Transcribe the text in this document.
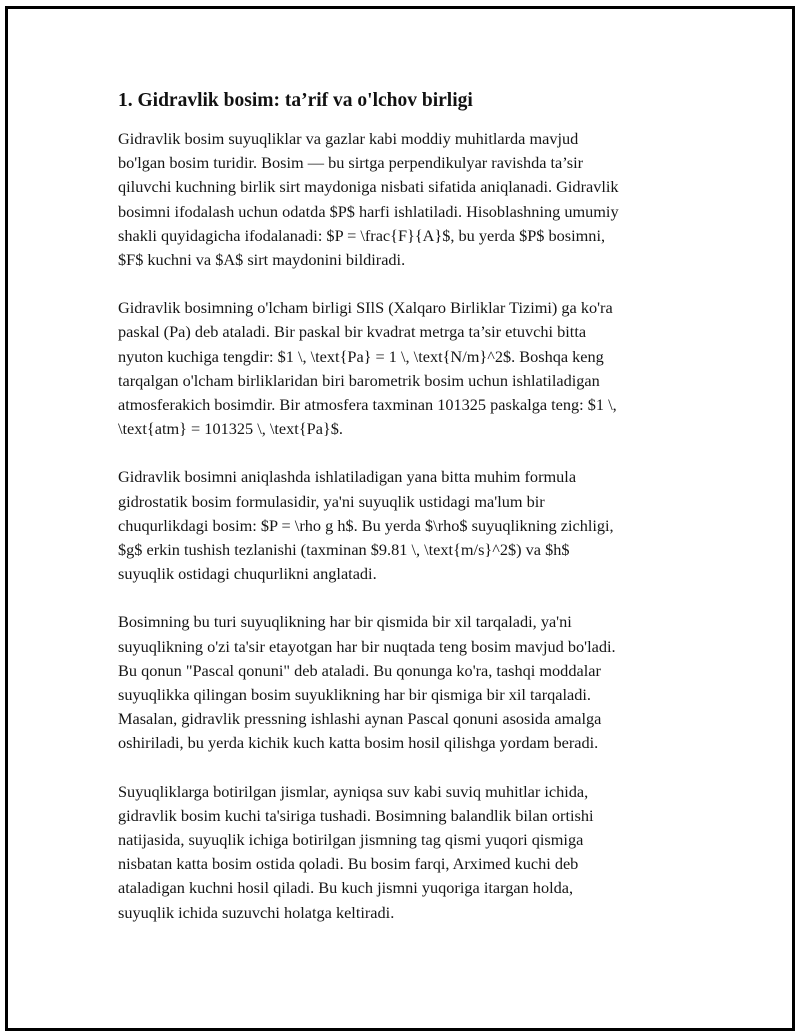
1. Gidravlik bosim: ta’rif va o'lchov birligi

Gidravlik bosim suyuqliklar va gazlar kabi moddiy muhitlarda mavjud
bo'lgan bosim turidir. Bosim — bu sirtga perpendikulyar ravishda ta’sir
qiluvchi kuchning birlik sirt maydoniga nisbati sifatida aniqlanadi. Gidravlik
bosimni ifodalash uchun odatda $P$ harfi ishlatiladi. Hisoblashning umumiy
shakli quyidagicha ifodalanadi: $P = \frac{F}{A}$, bu yerda $P$ bosimni,
$F$ kuchni va $A$ sirt maydonini bildiradi.

Gidravlik bosimning o'lcham birligi SIlS (Xalqaro Birliklar Tizimi) ga ko'ra
paskal (Pa) deb ataladi. Bir paskal bir kvadrat metrga ta’sir etuvchi bitta
nyuton kuchiga tengdir: $1 \, \text{Pa} = 1 \, \text{N/m}^2$. Boshqa keng
tarqalgan o'lcham birliklaridan biri barometrik bosim uchun ishlatiladigan
atmosferakich bosimdir. Bir atmosfera taxminan 101325 paskalga teng: $1 \,
\text{atm} = 101325 \, \text{Pa}$.

Gidravlik bosimni aniqlashda ishlatiladigan yana bitta muhim formula
gidrostatik bosim formulasidir, ya'ni suyuqlik ustidagi ma'lum bir
chuqurlikdagi bosim: $P = \rho g h$. Bu yerda $\rho$ suyuqlikning zichligi,
$g$ erkin tushish tezlanishi (taxminan $9.81 \, \text{m/s}^2$) va $h$
suyuqlik ostidagi chuqurlikni anglatadi.

Bosimning bu turi suyuqlikning har bir qismida bir xil tarqaladi, ya'ni
suyuqlikning o'zi ta'sir etayotgan har bir nuqtada teng bosim mavjud bo'ladi.
Bu qonun "Pascal qonuni" deb ataladi. Bu qonunga ko'ra, tashqi moddalar
suyuqlikka qilingan bosim suyuklikning har bir qismiga bir xil tarqaladi.
Masalan, gidravlik pressning ishlashi aynan Pascal qonuni asosida amalga
oshiriladi, bu yerda kichik kuch katta bosim hosil qilishga yordam beradi.

Suyuqliklarga botirilgan jismlar, ayniqsa suv kabi suviq muhitlar ichida,
gidravlik bosim kuchi ta'siriga tushadi. Bosimning balandlik bilan ortishi
natijasida, suyuqlik ichiga botirilgan jismning tag qismi yuqori qismiga
nisbatan katta bosim ostida qoladi. Bu bosim farqi, Arximed kuchi deb
ataladigan kuchni hosil qiladi. Bu kuch jismni yuqoriga itargan holda,
suyuqlik ichida suzuvchi holatga keltiradi.
